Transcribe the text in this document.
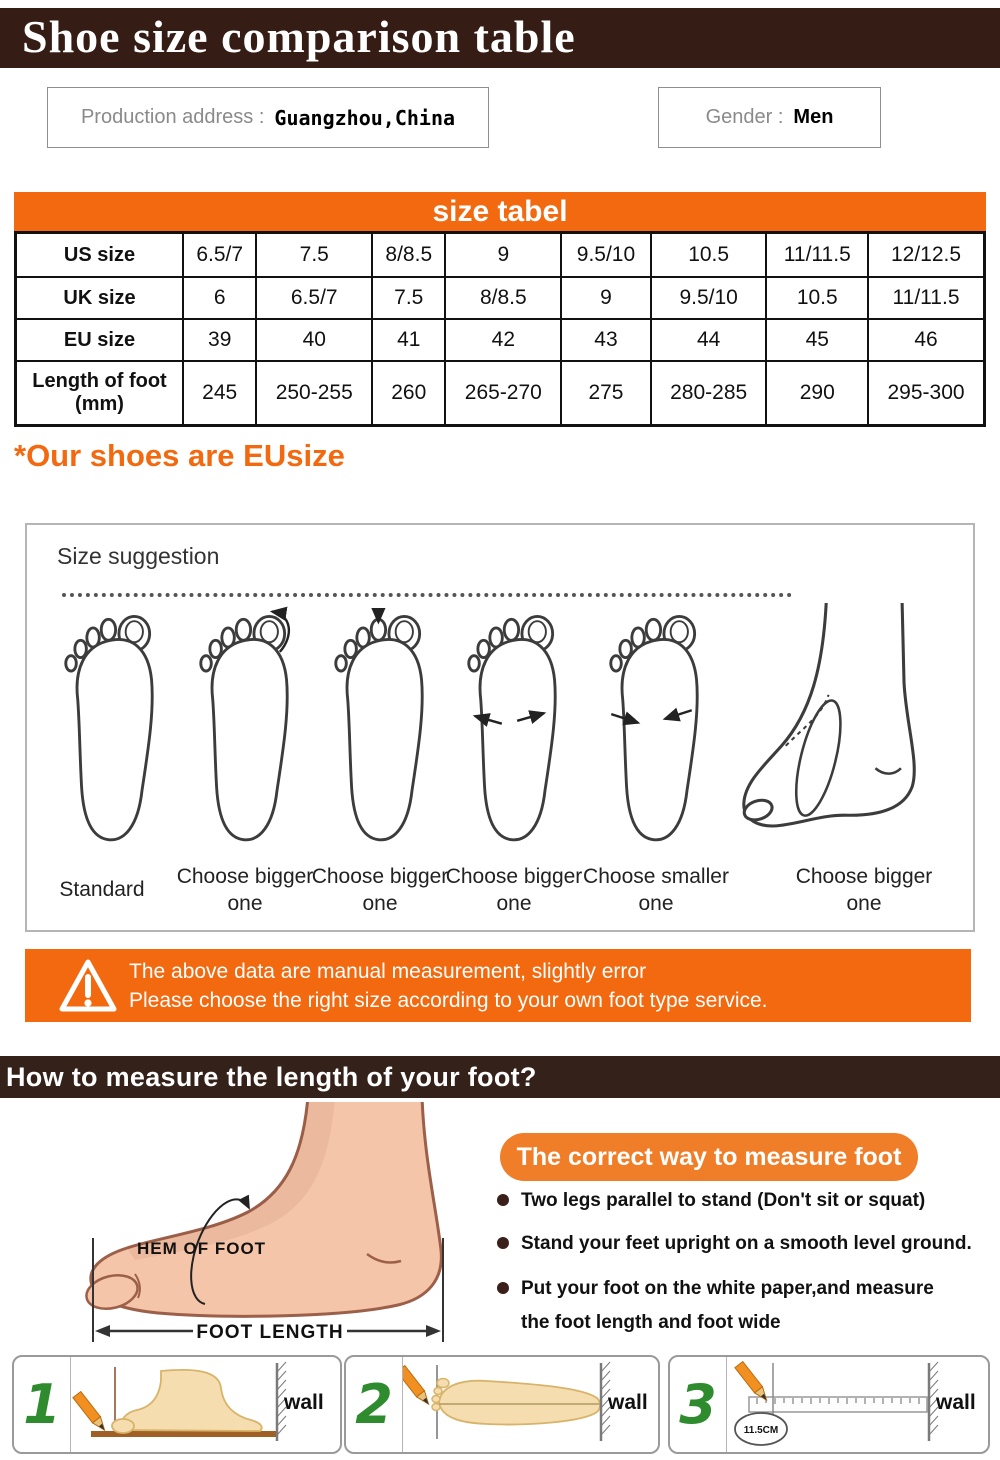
Shoe size comparison table
Production address : Guangzhou,China	Gender : Men
size tabel
US size	6.5/7	7.5	8/8.5	9	9.5/10	10.5	11/11.5	12/12.5
UK size	6	6.5/7	7.5	8/8.5	9	9.5/10	10.5	11/11.5
EU size	39	40	41	42	43	44	45	46
Length of foot (mm)	245	250-255	260	265-270	275	280-285	290	295-300
*Our shoes are EUsize
Size suggestion
Standard
Choose bigger one
Choose bigger one
Choose bigger one
Choose smaller one
Choose bigger one
The above data are manual measurement, slightly error
Please choose the right size according to your own foot type service.
How to measure the length of your foot?
HEM OF FOOT
FOOT LENGTH
The correct way to measure foot
Two legs parallel to stand (Don't sit or squat)
Stand your feet upright on a smooth level ground.
Put your foot on the white paper,and measure
the foot length and foot wide
1	wall 2	wall 3	11.5CM
wall
